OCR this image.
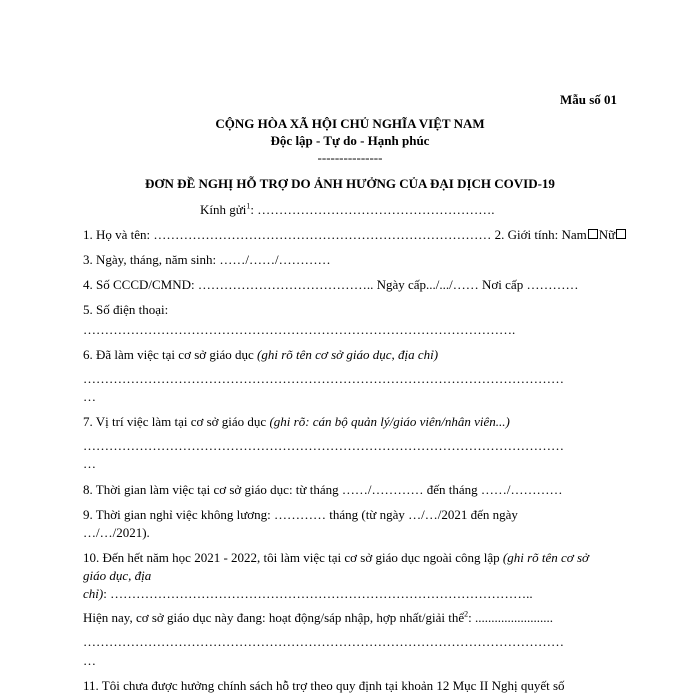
Mẫu số 01
CỘNG HÒA XÃ HỘI CHỦ NGHĨA VIỆT NAM
Độc lập - Tự do - Hạnh phúc
---------------
ĐƠN ĐỀ NGHỊ HỖ TRỢ DO ẢNH HƯỞNG CỦA ĐẠI DỊCH COVID-19
Kính gửi$^1$: ……………………………………………….
1. Họ và tên: …………………………………………………………………… 2. Giới tính: Nam Nữ
3. Ngày, tháng, năm sinh: ……/……/…………
4. Số CCCD/CMND: ………………………………….. Ngày cấp.../.../…… Nơi cấp …………
5. Số điện thoại:
……………………………………………………………………………………….
6. Đã làm việc tại cơ sở giáo dục (ghi rõ tên cơ sở giáo dục, địa chỉ)
…………………………………………………………………………………………………
…
7. Vị trí việc làm tại cơ sở giáo dục (ghi rõ: cán bộ quản lý/giáo viên/nhân viên...)
…………………………………………………………………………………………………
…
8. Thời gian làm việc tại cơ sở giáo dục: từ tháng ……/………… đến tháng ……/…………
9. Thời gian nghỉ việc không lương: ………… tháng (từ ngày …/…/2021 đến ngày
…/…/2021).
10. Đến hết năm học 2021 - 2022, tôi làm việc tại cơ sở giáo dục ngoài công lập (ghi rõ tên cơ sở
giáo dục, địa
chỉ): ……………………………………………………………………………………..
Hiện nay, cơ sở giáo dục này đang: hoạt động/sáp nhập, hợp nhất/giải thể$^2$: ........................
…………………………………………………………………………………………………
…
11. Tôi chưa được hưởng chính sách hỗ trợ theo quy định tại khoản 12 Mục II Nghị quyết số
